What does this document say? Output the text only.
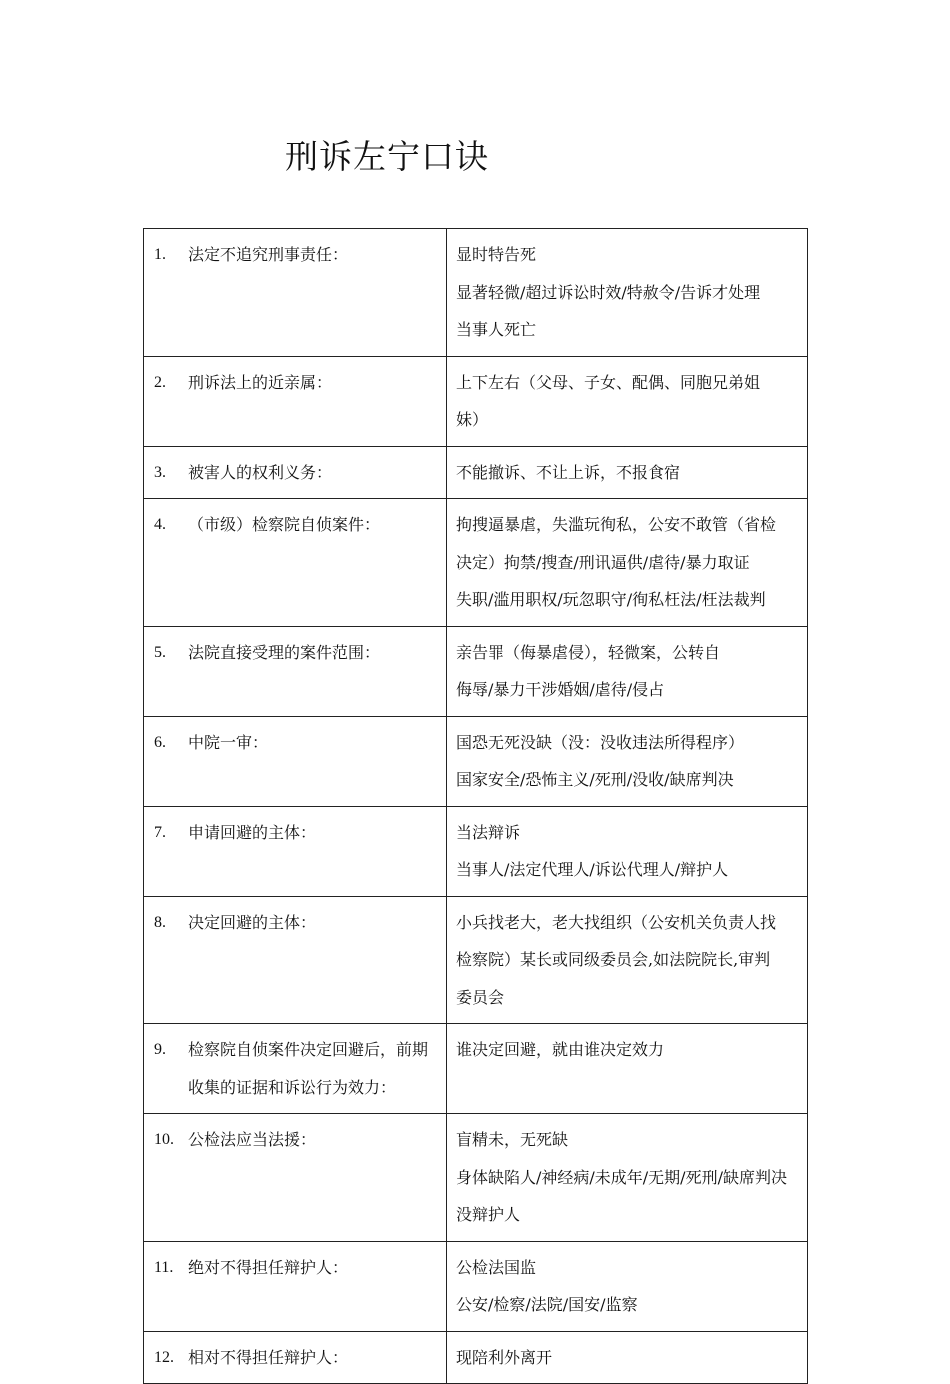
刑诉左宁口诀
1. 法定不追究刑事责任：	显时特告死
显著轻微/超过诉讼时效/特赦令/告诉才处理
当事人死亡

2. 刑诉法上的近亲属：	上下左右（父母、子女、配偶、同胞兄弟姐
妹）

3. 被害人的权利义务：	不能撤诉、不让上诉，不报食宿

4. （市级）检察院自侦案件：	拘搜逼暴虐，失滥玩徇私，公安不敢管（省检
决定）拘禁/搜查/刑讯逼供/虐待/暴力取证
失职/滥用职权/玩忽职守/徇私枉法/枉法裁判

5. 法院直接受理的案件范围：	亲告罪（侮暴虐侵），轻微案，公转自
侮辱/暴力干涉婚姻/虐待/侵占

6. 中院一审：	国恐无死没缺（没：没收违法所得程序）
国家安全/恐怖主义/死刑/没收/缺席判决

7. 申请回避的主体：	当法辩诉
当事人/法定代理人/诉讼代理人/辩护人

8. 决定回避的主体：	小兵找老大，老大找组织（公安机关负责人找
检察院）某长或同级委员会,如法院院长,审判
委员会

9. 检察院自侦案件决定回避后，前期收集的证据和诉讼行为效力：	谁决定回避，就由谁决定效力

10. 公检法应当法援：	盲精未，无死缺
身体缺陷人/神经病/未成年/无期/死刑/缺席判决
没辩护人

11. 绝对不得担任辩护人：	公检法国监
公安/检察/法院/国安/监察

12. 相对不得担任辩护人：	现陪利外离开
